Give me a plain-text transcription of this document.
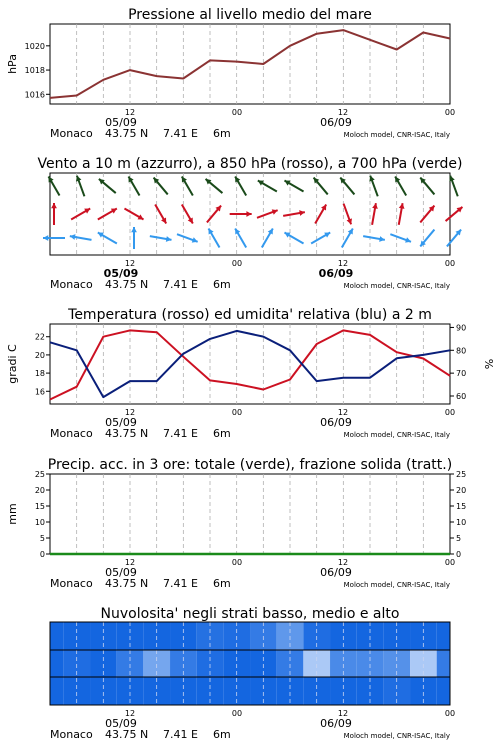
Pressione al livello medio del mare
1016
1018
1020
hPa
12	00	12	00
05/09	06/09
Monaco 43.75 N 7.41 E 6m	Moloch model, CNR-ISAC, Italy
Vento a 10 m (azzurro), a 850 hPa (rosso), a 700 hPa (verde)
12	00	12	00
05/09	06/09
Monaco 43.75 N 7.41 E 6m	Moloch model, CNR-ISAC, Italy
Temperatura (rosso) ed umidita' relativa (blu) a 2 m
16
18
20
22
60
70
80
90
gradi C	%
12	00	12	00
05/09	06/09
Monaco 43.75 N 7.41 E 6m	Moloch model, CNR-ISAC, Italy
Precip. acc. in 3 ore: totale (verde), frazione solida (tratt.)
0
5
10
15
20
25
0
5
10
15
20
25
mm
12	00	12	00
05/09	06/09
Monaco 43.75 N 7.41 E 6m	Moloch model, CNR-ISAC, Italy
Nuvolosita' negli strati basso, medio e alto
12	00	12	00
05/09	06/09
Monaco 43.75 N 7.41 E 6m	Moloch model, CNR-ISAC, Italy
